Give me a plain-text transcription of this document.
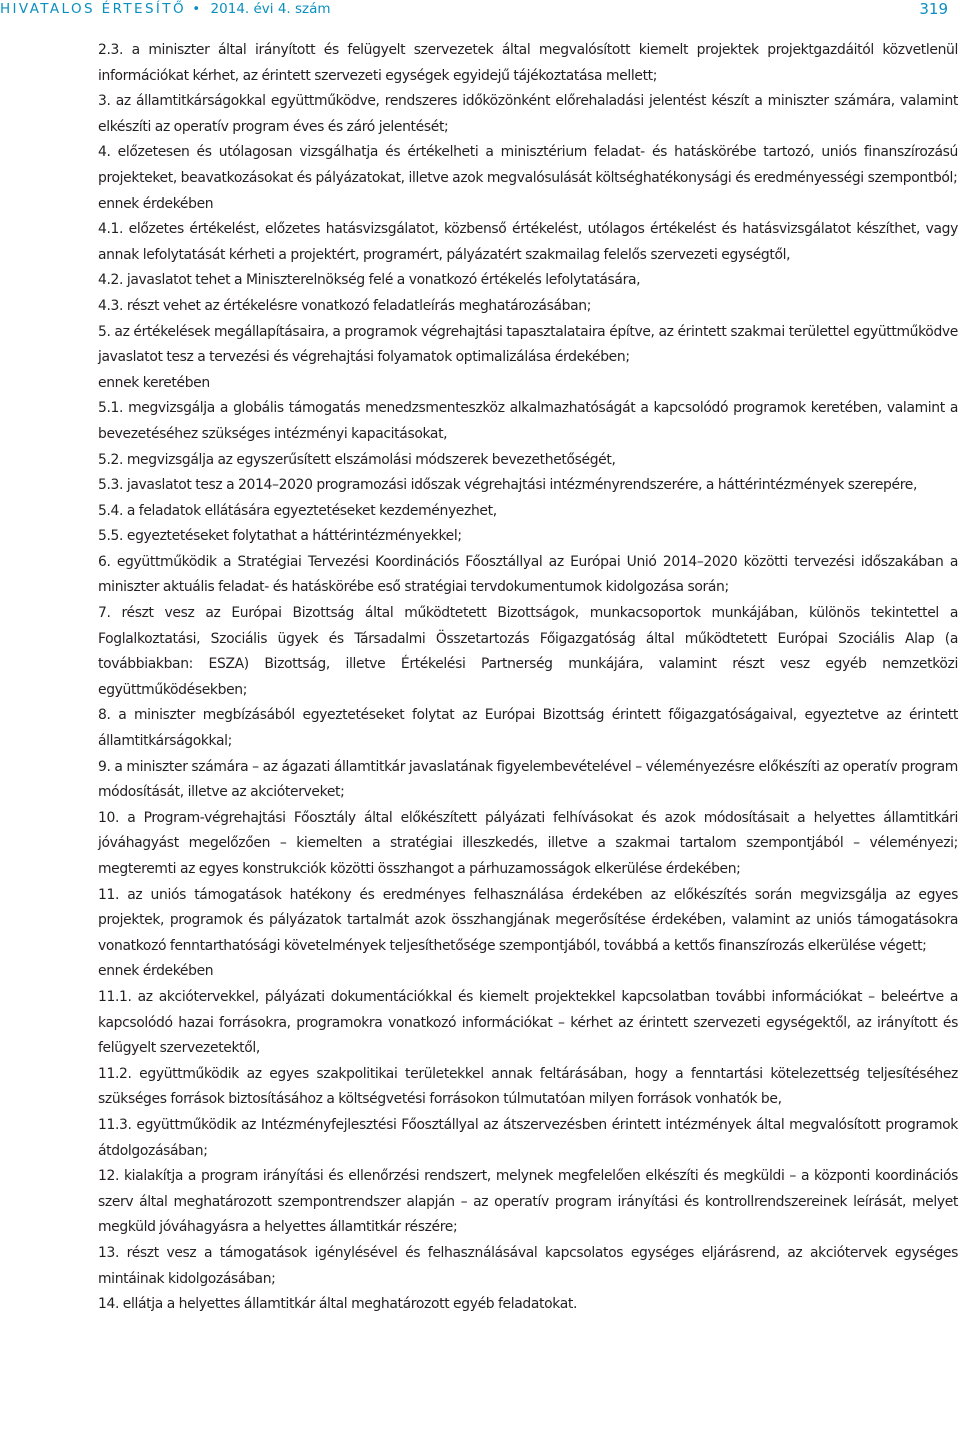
HIVATALOS ÉRTESÍTŐ • 2014. évi 4. szám	319

2.3. a miniszter által irányított és felügyelt szervezetek által megvalósított kiemelt projektek projektgazdáitól közvetlenül információkat kérhet, az érintett szervezeti egységek egyidejű tájékoztatása mellett;

3. az államtitkárságokkal együttműködve, rendszeres időközönként előrehaladási jelentést készít a miniszter számára, valamint elkészíti az operatív program éves és záró jelentését;

4. előzetesen és utólagosan vizsgálhatja és értékelheti a minisztérium feladat- és hatáskörébe tartozó, uniós finanszírozású projekteket, beavatkozásokat és pályázatokat, illetve azok megvalósulását költséghatékonysági és eredményességi szempontból;

ennek érdekében

4.1. előzetes értékelést, előzetes hatásvizsgálatot, közbenső értékelést, utólagos értékelést és hatásvizsgálatot készíthet, vagy annak lefolytatását kérheti a projektért, programért, pályázatért szakmailag felelős szervezeti egységtől,

4.2. javaslatot tehet a Miniszterelnökség felé a vonatkozó értékelés lefolytatására,

4.3. részt vehet az értékelésre vonatkozó feladatleírás meghatározásában;

5. az értékelések megállapításaira, a programok végrehajtási tapasztalataira építve, az érintett szakmai területtel együttműködve javaslatot tesz a tervezési és végrehajtási folyamatok optimalizálása érdekében;

ennek keretében

5.1. megvizsgálja a globális támogatás menedzsmenteszköz alkalmazhatóságát a kapcsolódó programok keretében, valamint a bevezetéséhez szükséges intézményi kapacitásokat,

5.2. megvizsgálja az egyszerűsített elszámolási módszerek bevezethetőségét,

5.3. javaslatot tesz a 2014–2020 programozási időszak végrehajtási intézményrendszerére, a háttérintézmények szerepére,

5.4. a feladatok ellátására egyeztetéseket kezdeményezhet,

5.5. egyeztetéseket folytathat a háttérintézményekkel;

6. együttműködik a Stratégiai Tervezési Koordinációs Főosztállyal az Európai Unió 2014–2020 közötti tervezési időszakában a miniszter aktuális feladat- és hatáskörébe eső stratégiai tervdokumentumok kidolgozása során;

7. részt vesz az Európai Bizottság által működtetett Bizottságok, munkacsoportok munkájában, különös tekintettel a Foglalkoztatási, Szociális ügyek és Társadalmi Összetartozás Főigazgatóság által működtetett Európai Szociális Alap (a továbbiakban: ESZA) Bizottság, illetve Értékelési Partnerség munkájára, valamint részt vesz egyéb nemzetközi együttműködésekben;

8. a miniszter megbízásából egyeztetéseket folytat az Európai Bizottság érintett főigazgatóságaival, egyeztetve az érintett államtitkárságokkal;

9. a miniszter számára – az ágazati államtitkár javaslatának figyelembevételével – véleményezésre előkészíti az operatív program módosítását, illetve az akcióterveket;

10. a Program-végrehajtási Főosztály által előkészített pályázati felhívásokat és azok módosításait a helyettes államtitkári jóváhagyást megelőzően – kiemelten a stratégiai illeszkedés, illetve a szakmai tartalom szempontjából – véleményezi; megteremti az egyes konstrukciók közötti összhangot a párhuzamosságok elkerülése érdekében;

11. az uniós támogatások hatékony és eredményes felhasználása érdekében az előkészítés során megvizsgálja az egyes projektek, programok és pályázatok tartalmát azok összhangjának megerősítése érdekében, valamint az uniós támogatásokra vonatkozó fenntarthatósági követelmények teljesíthetősége szempontjából, továbbá a kettős finanszírozás elkerülése végett;

ennek érdekében

11.1. az akciótervekkel, pályázati dokumentációkkal és kiemelt projektekkel kapcsolatban további információkat – beleértve a kapcsolódó hazai forrásokra, programokra vonatkozó információkat – kérhet az érintett szervezeti egységektől, az irányított és felügyelt szervezetektől,

11.2. együttműködik az egyes szakpolitikai területekkel annak feltárásában, hogy a fenntartási kötelezettség teljesítéséhez szükséges források biztosításához a költségvetési forrásokon túlmutatóan milyen források vonhatók be,

11.3. együttműködik az Intézményfejlesztési Főosztállyal az átszervezésben érintett intézmények által megvalósított programok átdolgozásában;

12. kialakítja a program irányítási és ellenőrzési rendszert, melynek megfelelően elkészíti és megküldi – a központi koordinációs szerv által meghatározott szempontrendszer alapján – az operatív program irányítási és kontrollrendszereinek leírását, melyet megküld jóváhagyásra a helyettes államtitkár részére;

13. részt vesz a támogatások igénylésével és felhasználásával kapcsolatos egységes eljárásrend, az akciótervek egységes mintáinak kidolgozásában;

14. ellátja a helyettes államtitkár által meghatározott egyéb feladatokat.
